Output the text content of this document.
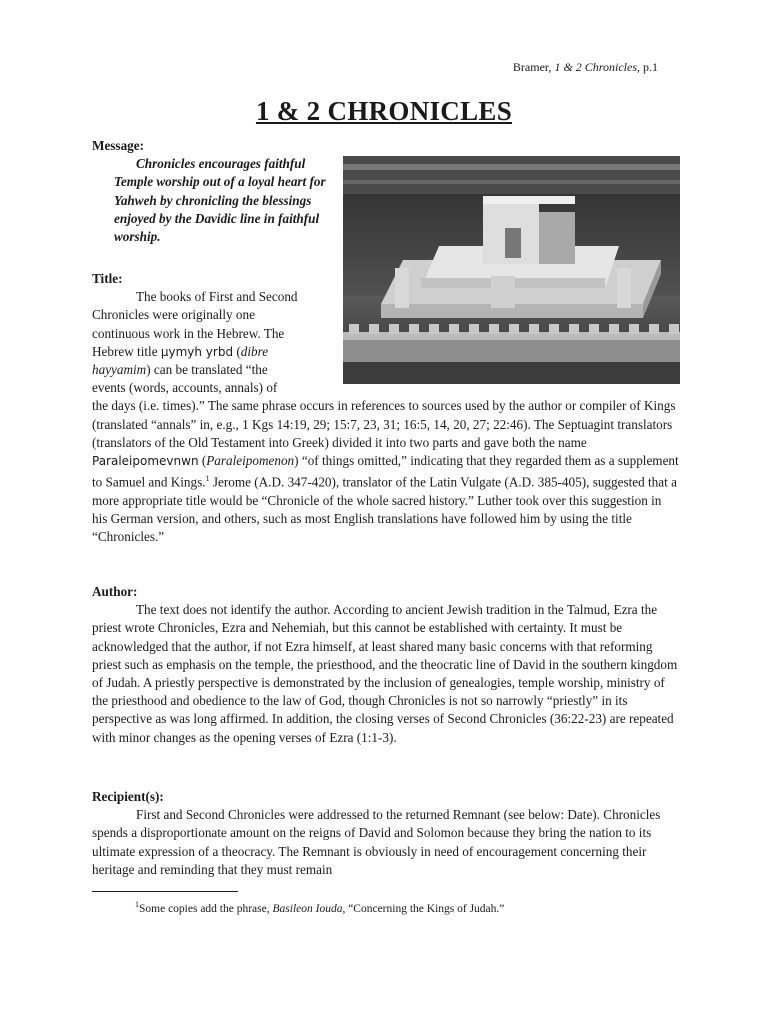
Bramer, 1 & 2 Chronicles, p.1
1 & 2 CHRONICLES
Message:
Chronicles encourages faithful Temple worship out of a loyal heart for Yahweh by chronicling the blessings enjoyed by the Davidic line in faithful worship.
Title:
The books of First and Second
Chronicles were originally one
continuous work in the Hebrew. The
Hebrew title µymyh yrbd (dibre
hayyamim) can be translated “the
events (words, accounts, annals) of
the days (i.e. times).” The same phrase occurs in references to sources used by the author or compiler of Kings (translated “annals” in, e.g., 1 Kgs 14:19, 29; 15:7, 23, 31; 16:5, 14, 20, 27; 22:46). The Septuagint translators (translators of the Old Testament into Greek) divided it into two parts and gave both the name Paraleipomevnwn (Paraleipomenon) “of things omitted,” indicating that they regarded them as a supplement to Samuel and Kings.$^1$ Jerome (A.D. 347-420), translator of the Latin Vulgate (A.D. 385-405), suggested that a more appropriate title would be “Chronicle of the whole sacred history.” Luther took over this suggestion in his German version, and others, such as most English translations have followed him by using the title “Chronicles.”
Author:
The text does not identify the author. According to ancient Jewish tradition in the Talmud, Ezra the priest wrote Chronicles, Ezra and Nehemiah, but this cannot be established with certainty. It must be acknowledged that the author, if not Ezra himself, at least shared many basic concerns with that reforming priest such as emphasis on the temple, the priesthood, and the theocratic line of David in the southern kingdom of Judah. A priestly perspective is demonstrated by the inclusion of genealogies, temple worship, ministry of the priesthood and obedience to the law of God, though Chronicles is not so narrowly “priestly” in its perspective as was long affirmed. In addition, the closing verses of Second Chronicles (36:22-23) are repeated with minor changes as the opening verses of Ezra (1:1-3).
Recipient(s):
First and Second Chronicles were addressed to the returned Remnant (see below: Date). Chronicles spends a disproportionate amount on the reigns of David and Solomon because they bring the nation to its ultimate expression of a theocracy. The Remnant is obviously in need of encouragement concerning their heritage and reminding that they must remain
$^1$Some copies add the phrase, Basileon Iouda, “Concerning the Kings of Judah.”
